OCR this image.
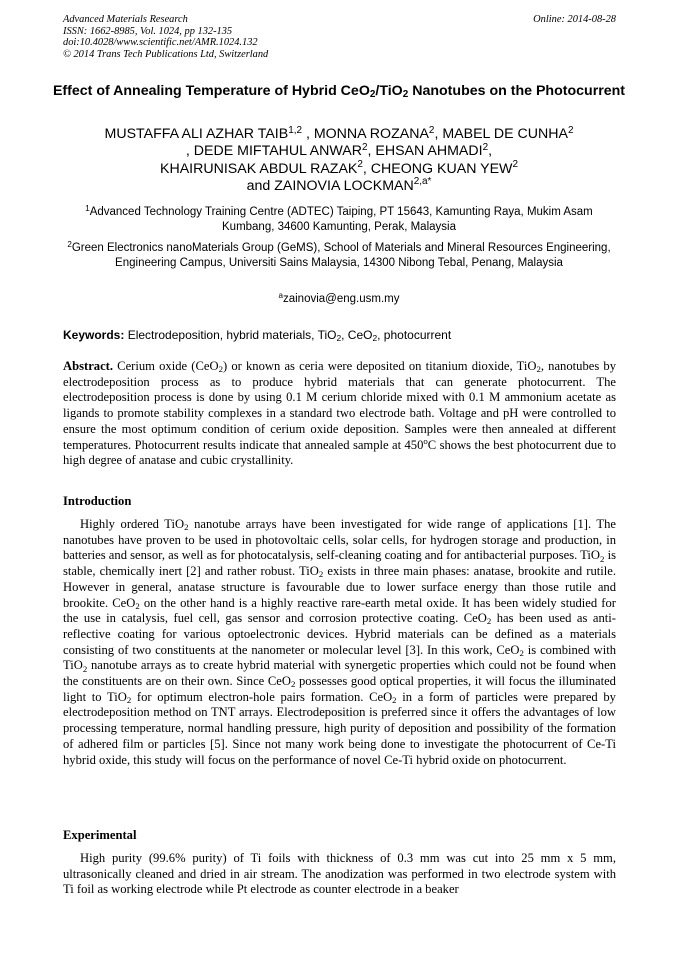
Advanced Materials Research
ISSN: 1662-8985, Vol. 1024, pp 132-135
doi:10.4028/www.scientific.net/AMR.1024.132
© 2014 Trans Tech Publications Ltd, Switzerland
Online: 2014-08-28
Effect of Annealing Temperature of Hybrid CeO$_2$/TiO$_2$ Nanotubes on the Photocurrent
MUSTAFFA ALI AZHAR TAIB$^{1,2}$ , MONNA ROZANA$^2$, MABEL DE CUNHA$^2$
, DEDE MIFTAHUL ANWAR$^2$, EHSAN AHMADI$^2$,
KHAIRUNISAK ABDUL RAZAK$^2$, CHEONG KUAN YEW$^2$
and ZAINOVIA $LOCKMAN^{2,a*}$
$^1$Advanced Technology Training Centre (ADTEC) Taiping, PT 15643, Kamunting Raya, Mukim Asam Kumbang, 34600 Kamunting, Perak, Malaysia
$^2$Green Electronics nanoMaterials Group (GeMS), School of Materials and Mineral Resources Engineering, Engineering Campus, Universiti Sains Malaysia, 14300 Nibong Tebal, Penang, Malaysia
$^a$zainovia@eng.usm.my
Keywords: Electrodeposition, hybrid materials, TiO$_2$, CeO$_2$, photocurrent
Abstract. Cerium oxide (CeO$_2$) or known as ceria were deposited on titanium dioxide, TiO$_2$, nanotubes by electrodeposition process as to produce hybrid materials that can generate photocurrent. The electrodeposition process is done by using 0.1 M cerium chloride mixed with 0.1 M ammonium acetate as ligands to promote stability complexes in a standard two electrode bath. Voltage and pH were controlled to ensure the most optimum condition of cerium oxide deposition. Samples were then annealed at different temperatures. Photocurrent results indicate that annealed sample at 450$^o$C shows the best photocurrent due to high degree of anatase and cubic crystallinity.
Introduction
Highly ordered TiO$_2$ nanotube arrays have been investigated for wide range of applications [1]. The nanotubes have proven to be used in photovoltaic cells, solar cells, for hydrogen storage and production, in batteries and sensor, as well as for photocatalysis, self-cleaning coating and for antibacterial purposes. TiO$_2$ is stable, chemically inert [2] and rather robust. TiO$_2$ exists in three main phases: anatase, brookite and rutile. However in general, anatase structure is favourable due to lower surface energy than those rutile and brookite. CeO$_2$ on the other hand is a highly reactive rare-earth metal oxide. It has been widely studied for the use in catalysis, fuel cell, gas sensor and corrosion protective coating. CeO$_2$ has been used as anti-reflective coating for various optoelectronic devices. Hybrid materials can be defined as a materials consisting of two constituents at the nanometer or molecular level [3]. In this work, CeO$_2$ is combined with TiO$_2$ nanotube arrays as to create hybrid material with synergetic properties which could not be found when the constituents are on their own. Since CeO$_2$ possesses good optical properties, it will focus the illuminated light to TiO$_2$ for optimum electron-hole pairs formation. CeO$_2$ in a form of particles were prepared by electrodeposition method on TNT arrays. Electrodeposition is preferred since it offers the advantages of low processing temperature, normal handling pressure, high purity of deposition and possibility of the formation of adhered film or particles [5]. Since not many work being done to investigate the photocurrent of Ce-Ti hybrid oxide, this study will focus on the performance of novel Ce-Ti hybrid oxide on photocurrent.
Experimental
High purity (99.6% purity) of Ti foils with thickness of 0.3 mm was cut into 25 mm x 5 mm, ultrasonically cleaned and dried in air stream. The anodization was performed in two electrode system with Ti foil as working electrode while Pt electrode as counter electrode in a beaker
